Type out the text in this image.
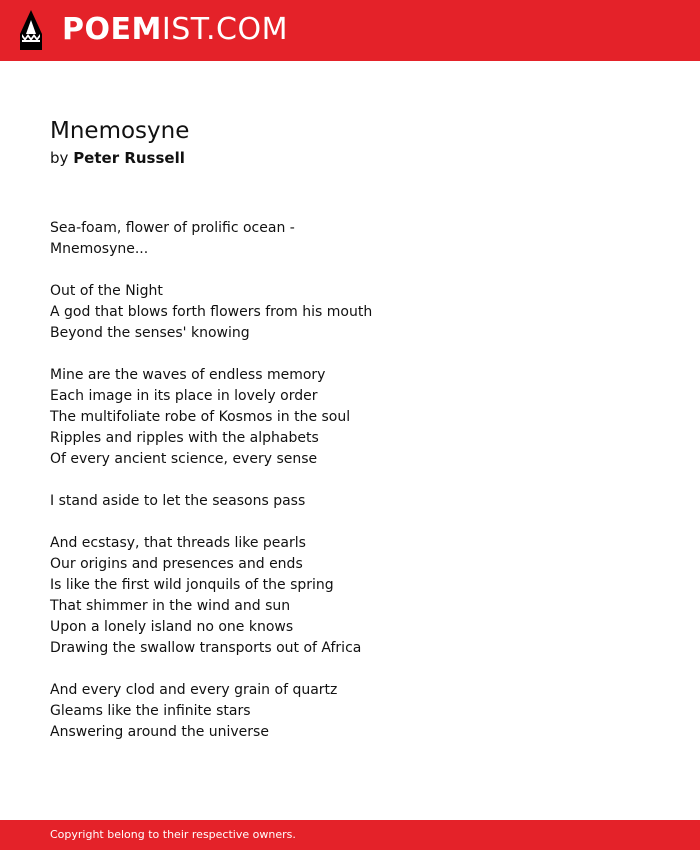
POEMIST.COM
Mnemosyne
by Peter Russell
Sea-foam, flower of prolific ocean -
Mnemosyne...
Out of the Night
A god that blows forth flowers from his mouth
Beyond the senses' knowing
Mine are the waves of endless memory
Each image in its place in lovely order
The multifoliate robe of Kosmos in the soul
Ripples and ripples with the alphabets
Of every ancient science, every sense
I stand aside to let the seasons pass
And ecstasy, that threads like pearls
Our origins and presences and ends
Is like the first wild jonquils of the spring
That shimmer in the wind and sun
Upon a lonely island no one knows
Drawing the swallow transports out of Africa
And every clod and every grain of quartz
Gleams like the infinite stars
Answering around the universe
Copyright belong to their respective owners.
